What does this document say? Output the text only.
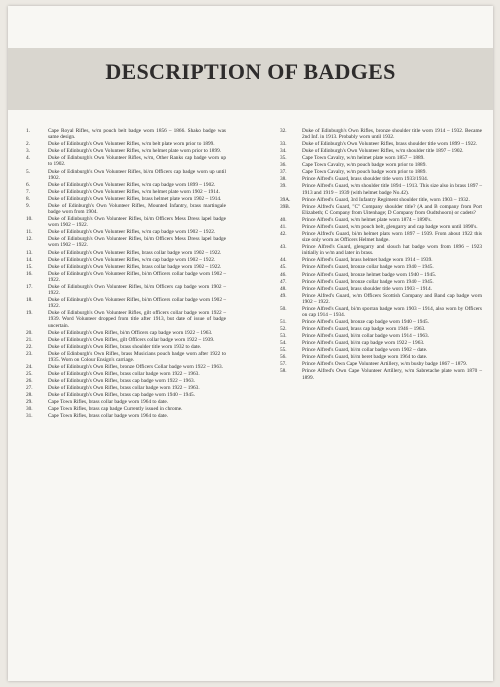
DESCRIPTION OF BADGES
1.	Cape Royal Rifles, w/m pouch belt badge worn 1856 – 1866. Shako badge was same design.
2.	Duke of Edinburgh's Own Volunteer Rifles, w/m belt plate worn prior to 1899.
3.	Duke of Edinburgh's Own Volunteer Rifles, w/m helmet plate worn prior to 1899.
4.	Duke of Edinburgh's Own Volunteer Rifles, w/m, Other Ranks cap badge worn up to 1902.
5.	Duke of Edinburgh's Own Volunteer Rifles, bi/m Officers cap badge worn up until 1902.
6.	Duke of Edinburgh's Own Volunteer Rifles, w/m cap badge worn 1899 – 1902.
7.	Duke of Edinburgh's Own Volunteer Rifles, w/m helmet plate worn 1902 – 1914.
8.	Duke of Edinburgh's Own Volunteer Rifles, brass helmet plate worn 1902 – 1914.
9.	Duke of Edinburgh's Own Volunteer Rifles, Mounted Infantry, brass martingale badge worn from 1904.
10.	Duke of Edinburgh's Own Volunteer Rifles, bi/m Officers Mess Dress lapel badge worn 1902 – 1922.
11.	Duke of Edinburgh's Own Volunteer Rifles, w/m cap badge worn 1902 – 1922.
12.	Duke of Edinburgh's Own Volunteer Rifles, bi/m Officers Mess Dress lapel badge worn 1902 – 1922.
13.	Duke of Edinburgh's Own Volunteer Rifles, brass collar badge worn 1902 – 1922.
14.	Duke of Edinburgh's Own Volunteer Rifles, w/m cap badge worn 1902 – 1922.
15.	Duke of Edinburgh's Own Volunteer Rifles, brass collar badge worn 1902 – 1922.
16.	Duke of Edinburgh's Own Volunteer Rifles, bi/m Officers collar badge worn 1902 – 1922.
17.	Duke of Edinburgh's Own Volunteer Rifles, bi/m Officers cap badge worn 1902 – 1922.
18.	Duke of Edinburgh's Own Volunteer Rifles, bi/m Officers collar badge worn 1902 – 1922.
19.	Duke of Edinburgh's Own Volunteer Rifles, gilt officers collar badge worn 1922 – 1939. Word Volunteer dropped from title after 1913, but date of issue of badge uncertain.
20.	Duke of Edinburgh's Own Rifles, bi/m Officers cap badge worn 1922 – 1963.
21.	Duke of Edinburgh's Own Rifles, gilt Officers collar badge worn 1922 – 1939.
22.	Duke of Edinburgh's Own Rifles, brass shoulder title worn 1932 to date.
23.	Duke of Edinburgh's Own Rifles, brass Musicians pouch badge worn after 1922 to 1935. Worn on Colour Ensign's carriage.
24.	Duke of Edinburgh's Own Rifles, bronze Officers Collar badge worn 1922 – 1963.
25.	Duke of Edinburgh's Own Rifles, brass collar badge worn 1922 – 1963.
26.	Duke of Edinburgh's Own Rifles, brass cap badge worn 1922 – 1963.
27.	Duke of Edinburgh's Own Rifles, brass collar badge worn 1922 – 1963.
28.	Duke of Edinburgh's Own Rifles, brass cap badge worn 1940 – 1945.
29.	Cape Town Rifles, brass collar badge worn 1964 to date.
30.	Cape Town Rifles, brass cap badge Currently issued in chrome.
31.	Cape Town Rifles, brass collar badge worn 1964 to date.
32.	Duke of Edinburgh's Own Rifles, bronze shoulder title worn 1914 – 1932. Became 2nd Inf. in 1913. Probably worn until 1932.
33.	Duke of Edinburgh's Own Volunteer Rifles, brass shoulder title worn 1899 – 1922.
34.	Duke of Edinburgh's Own Volunteer Rifles, w/m shoulder title 1897 – 1902.
35.	Cape Town Cavalry, w/m helmet plate worn 1857 – 1889.
36.	Cape Town Cavalry, w/m pouch badge worn prior to 1889.
37.	Cape Town Cavalry, w/m pouch badge worn prior to 1889.
38.	Prince Alfred's Guard, brass shoulder title worn 1933/1934.
39.	Prince Alfred's Guard, w/m shoulder title 1894 – 1913. This size also in brass 1897 – 1913 and 1919 – 1939 (with helmet badge No.42).
39A.	Prince Alfred's Guard, 3rd Infantry Regiment shoulder title, worn 1903 – 1932.
39B.	Prince Alfred's Guard, "C" Company shoulder title? (A and B company from Port Elizabeth; C Company from Uitenhage; D Company from Oudtshoorn) or cadets?
40.	Prince Alfred's Guard, w/m helmet plate worn 1874 – 1890's.
41.	Prince Alfred's Guard, w/m pouch belt, glengarry and cap badge worn until 1890's.
42.	Prince Alfred's Guard, bi/m helmet plats worn 1897 – 1939. From about 1922 this size only worn as Officers Helmet badge.
43.	Prince Alfred's Guard, glengarry and slouch hat badge worn from 1896 – 1923 initially in w/m and later in brass.
44.	Prince Alfred's Guard, brass helmet badge worn 1914 – 1939.
45.	Prince Alfred's Guard, bronze collar badge worn 1940 – 1945.
46.	Prince Alfred's Guard, bronze helmet badge worn 1940 – 1945.
47.	Prince Alfred's Guard, bronze collar badge worn 1940 – 1945.
48.	Prince Alfred's Guard, brass shoulder title worn 1903 – 1914.
49.	Prince Alfred's Guard, w/m Officers Scottish Company and Band cap badge worn 1902 – 1922.
50.	Prince Alfred's Guard, bi/m sporran badge worn 1903 – 1914, also worn by Officers on cap 1914 – 1934.
51.	Prince Alfred's Guard, bronze cap badge worn 1940 – 1945.
52.	Prince Alfred's Guard, brass cap badge worn 1946 – 1963.
53.	Prince Alfred's Guard, bi/m collar badge worn 1914 – 1963.
54.	Prince Alfred's Guard, bi/m cap badge worn 1922 – 1963.
55.	Prince Alfred's Guard, bi/m collar badge worn 1902 – date.
56.	Prince Alfred's Guard, bi/m beret badge worn 1964 to date.
57.	Prince Alfred's Own Cape Volunteer Artillery, w/m busby badge 1867 – 1879.
58.	Prince Alfred's Own Cape Volunteer Artillery, w/m Sabretache plate worn 1870 – 1899.
